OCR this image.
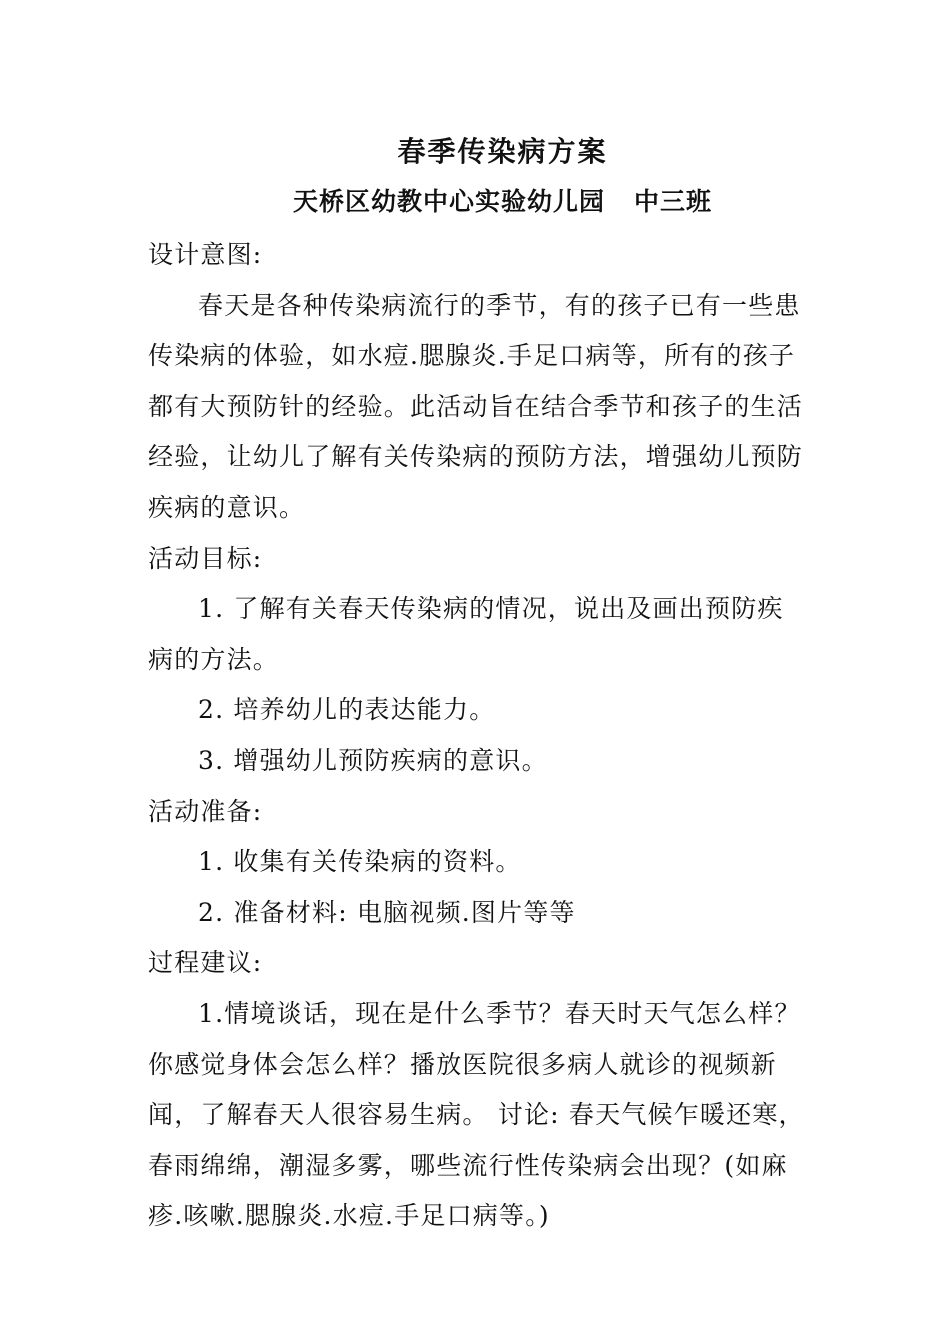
春季传染病方案
天桥区幼教中心实验幼儿园   中三班

设计意图:

春天是各种传染病流行的季节，有的孩子已有一些患传染病的体验，如水痘.腮腺炎.手足口病等，所有的孩子都有大预防针的经验。此活动旨在结合季节和孩子的生活经验，让幼儿了解有关传染病的预防方法，增强幼儿预防疾病的意识。

活动目标:

1. 了解有关春天传染病的情况，说出及画出预防疾病的方法。

2. 培养幼儿的表达能力。

3. 增强幼儿预防疾病的意识。

活动准备:

1. 收集有关传染病的资料。

2. 准备材料: 电脑视频.图片等等

过程建议:

1.情境谈话，现在是什么季节？春天时天气怎么样？你感觉身体会怎么样？播放医院很多病人就诊的视频新闻，了解春天人很容易生病。 讨论: 春天气候乍暖还寒，春雨绵绵，潮湿多雾，哪些流行性传染病会出现？(如麻疹.咳嗽.腮腺炎.水痘.手足口病等。)
